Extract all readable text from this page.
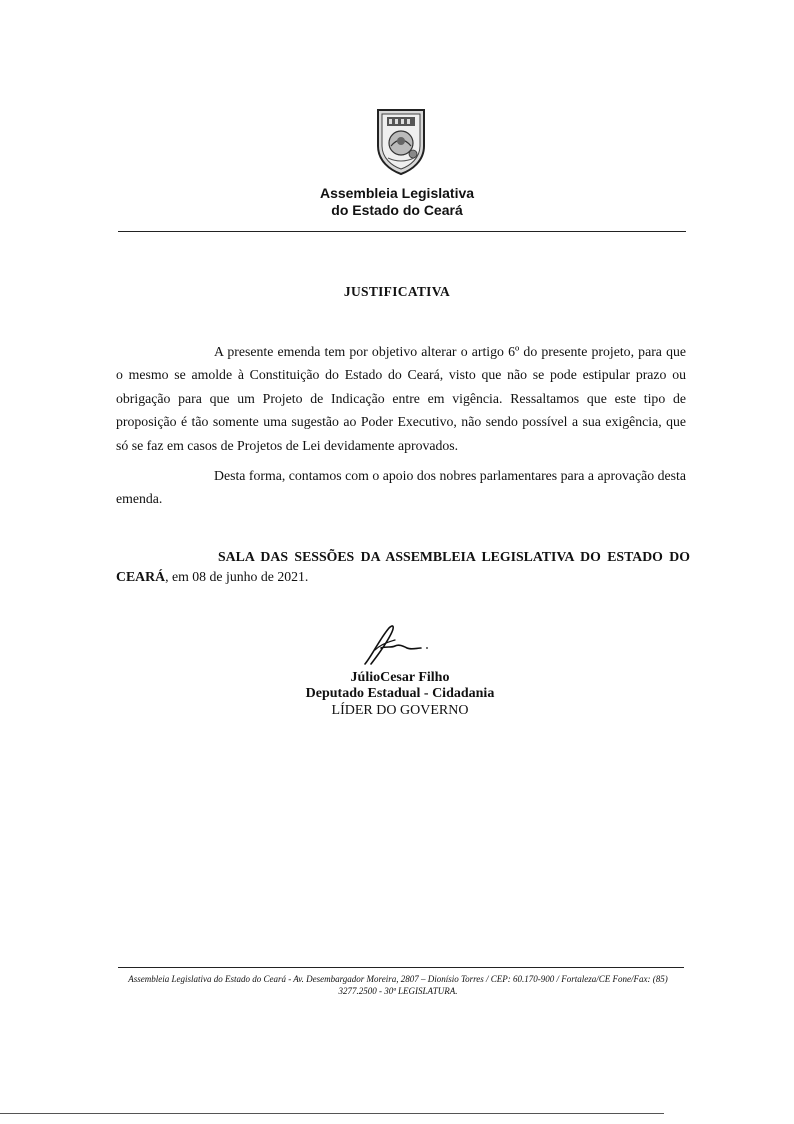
Assembleia Legislativa
do Estado do Ceará
JUSTIFICATIVA

A presente emenda tem por objetivo alterar o artigo 6º do presente projeto, para que o mesmo se amolde à Constituição do Estado do Ceará, visto que não se pode estipular prazo ou obrigação para que um Projeto de Indicação entre em vigência. Ressaltamos que este tipo de proposição é tão somente uma sugestão ao Poder Executivo, não sendo possível a sua exigência, que só se faz em casos de Projetos de Lei devidamente aprovados.

Desta forma, contamos com o apoio dos nobres parlamentares para a aprovação desta emenda.

SALA DAS SESSÕES DA ASSEMBLEIA LEGISLATIVA DO ESTADO DO CEARÁ, em 08 de junho de 2021.

JúlioCesar Filho
Deputado Estadual - Cidadania
LÍDER DO GOVERNO
Assembleia Legislativa do Estado do Ceará - Av. Desembargador Moreira, 2807 – Dionísio Torres / CEP: 60.170-900 / Fortaleza/CE Fone/Fax: (85)
3277.2500 - 30ª LEGISLATURA.
